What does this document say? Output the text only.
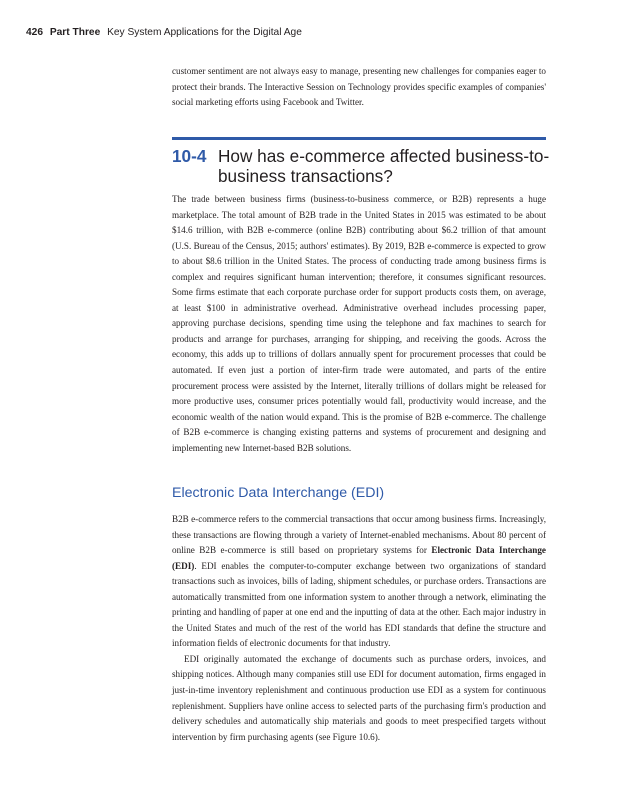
426 Part Three Key System Applications for the Digital Age

customer sentiment are not always easy to manage, presenting new challenges for companies eager to protect their brands. The Interactive Session on Technology provides specific examples of companies' social marketing efforts using Facebook and Twitter.

10-4 How has e-commerce affected business-to-business transactions?

The trade between business firms (business-to-business commerce, or B2B) represents a huge marketplace. The total amount of B2B trade in the United States in 2015 was estimated to be about $14.6 trillion, with B2B e-commerce (online B2B) contributing about $6.2 trillion of that amount (U.S. Bureau of the Census, 2015; authors' estimates). By 2019, B2B e-commerce is expected to grow to about $8.6 trillion in the United States. The process of conducting trade among business firms is complex and requires significant human intervention; therefore, it consumes significant resources. Some firms estimate that each corporate purchase order for support products costs them, on average, at least $100 in administrative overhead. Administrative overhead includes processing paper, approving purchase decisions, spending time using the telephone and fax machines to search for products and arrange for purchases, arranging for shipping, and receiving the goods. Across the economy, this adds up to trillions of dollars annually spent for procurement processes that could be automated. If even just a portion of inter-firm trade were automated, and parts of the entire procurement process were assisted by the Internet, literally trillions of dollars might be released for more productive uses, consumer prices potentially would fall, productivity would increase, and the economic wealth of the nation would expand. This is the promise of B2B e-commerce. The challenge of B2B e-commerce is changing existing patterns and systems of procurement and designing and implementing new Internet-based B2B solutions.

Electronic Data Interchange (EDI)

B2B e-commerce refers to the commercial transactions that occur among business firms. Increasingly, these transactions are flowing through a variety of Internet-enabled mechanisms. About 80 percent of online B2B e-commerce is still based on proprietary systems for Electronic Data Interchange (EDI). EDI enables the computer-to-computer exchange between two organizations of standard transactions such as invoices, bills of lading, shipment schedules, or purchase orders. Transactions are automatically transmitted from one information system to another through a network, eliminating the printing and handling of paper at one end and the inputting of data at the other. Each major industry in the United States and much of the rest of the world has EDI standards that define the structure and information fields of electronic documents for that industry.

EDI originally automated the exchange of documents such as purchase orders, invoices, and shipping notices. Although many companies still use EDI for document automation, firms engaged in just-in-time inventory replenishment and continuous production use EDI as a system for continuous replenishment. Suppliers have online access to selected parts of the purchasing firm's production and delivery schedules and automatically ship materials and goods to meet prespecified targets without intervention by firm purchasing agents (see Figure 10.6).
